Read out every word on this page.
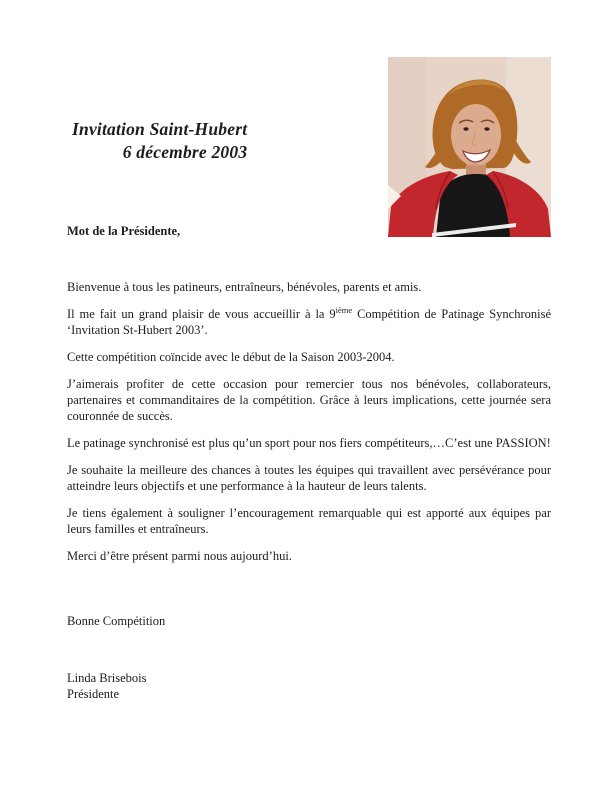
Invitation Saint-Hubert
6 décembre 2003
Mot de la Présidente,

Bienvenue à tous les patineurs, entraîneurs, bénévoles, parents et amis.

Il me fait un grand plaisir de vous accueillir à la 9ième Compétition de Patinage Synchronisé ‘Invitation St-Hubert 2003’.

Cette compétition coïncide avec le début de la Saison 2003-2004.

J’aimerais profiter de cette occasion pour remercier tous nos bénévoles, collaborateurs, partenaires et commanditaires de la compétition. Grâce à leurs implications, cette journée sera couronnée de succès.

Le patinage synchronisé est plus qu’un sport pour nos fiers compétiteurs,…C’est une PASSION!

Je souhaite la meilleure des chances à toutes les équipes qui travaillent avec persévérance pour atteindre leurs objectifs et une performance à la hauteur de leurs talents.

Je tiens également à souligner l’encouragement remarquable qui est apporté aux équipes par leurs familles et entraîneurs.

Merci d’être présent parmi nous aujourd’hui.

Bonne Compétition
Linda Brisebois
Présidente
